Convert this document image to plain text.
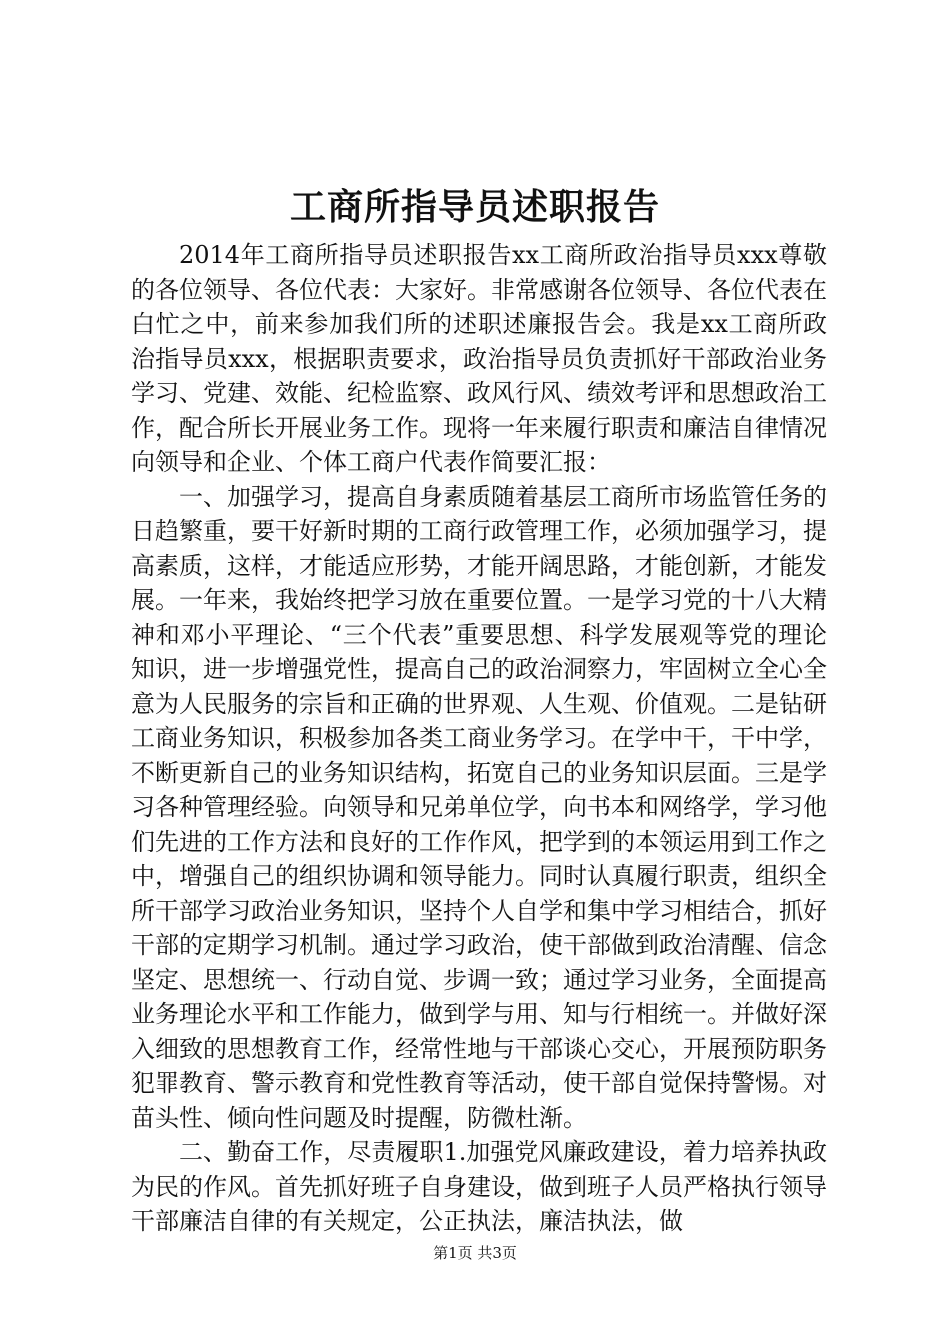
工商所指导员述职报告

2014年工商所指导员述职报告xx工商所政治指导员xxx尊敬的各位领导、各位代表：大家好。非常感谢各位领导、各位代表在白忙之中，前来参加我们所的述职述廉报告会。我是xx工商所政治指导员xxx，根据职责要求，政治指导员负责抓好干部政治业务学习、党建、效能、纪检监察、政风行风、绩效考评和思想政治工作，配合所长开展业务工作。现将一年来履行职责和廉洁自律情况向领导和企业、个体工商户代表作简要汇报：

一、加强学习，提高自身素质随着基层工商所市场监管任务的日趋繁重，要干好新时期的工商行政管理工作，必须加强学习，提高素质，这样，才能适应形势，才能开阔思路，才能创新，才能发展。一年来，我始终把学习放在重要位置。一是学习党的十八大精神和邓小平理论、“三个代表”重要思想、科学发展观等党的理论知识，进一步增强党性，提高自己的政治洞察力，牢固树立全心全意为人民服务的宗旨和正确的世界观、人生观、价值观。二是钻研工商业务知识，积极参加各类工商业务学习。在学中干，干中学，不断更新自己的业务知识结构，拓宽自己的业务知识层面。三是学习各种管理经验。向领导和兄弟单位学，向书本和网络学，学习他们先进的工作方法和良好的工作作风，把学到的本领运用到工作之中，增强自己的组织协调和领导能力。同时认真履行职责，组织全所干部学习政治业务知识，坚持个人自学和集中学习相结合，抓好干部的定期学习机制。通过学习政治，使干部做到政治清醒、信念坚定、思想统一、行动自觉、步调一致；通过学习业务，全面提高业务理论水平和工作能力，做到学与用、知与行相统一。并做好深入细致的思想教育工作，经常性地与干部谈心交心，开展预防职务犯罪教育、警示教育和党性教育等活动，使干部自觉保持警惕。对苗头性、倾向性问题及时提醒，防微杜渐。

二、勤奋工作，尽责履职1.加强党风廉政建设，着力培养执政为民的作风。首先抓好班子自身建设，做到班子人员严格执行领导干部廉洁自律的有关规定，公正执法，廉洁执法，做

第1页 共3页
